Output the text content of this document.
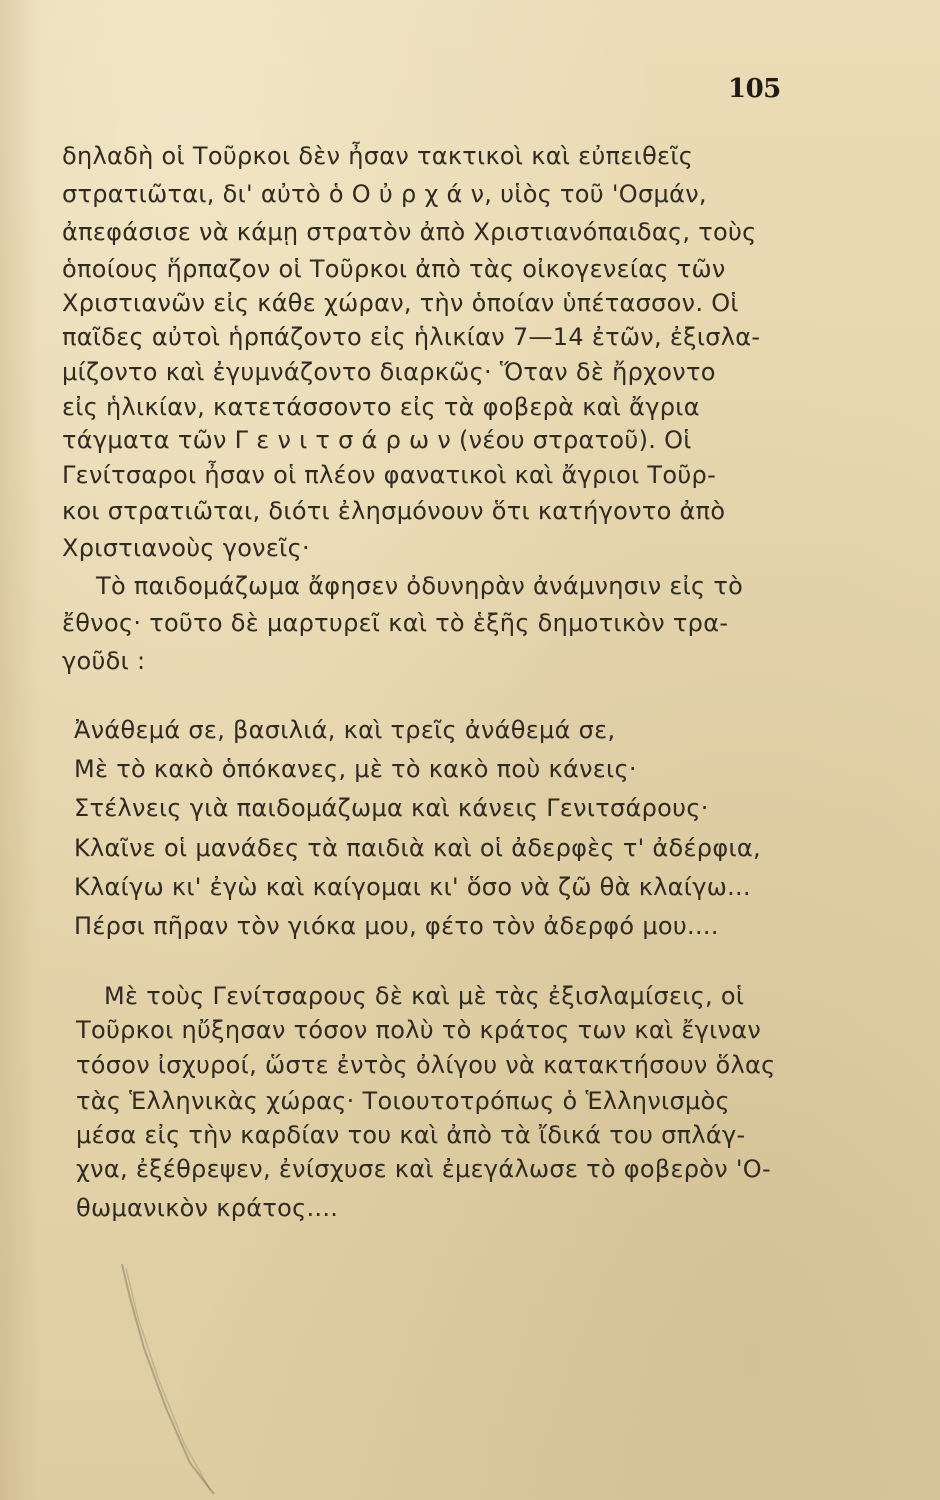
105
δηλαδὴ οἱ Τοῦρκοι δὲν ἦσαν τακτικοὶ καὶ εὐπειθεῖς
στρατιῶται, δι' αὐτὸ ὁ Ο ὐ ρ χ ά ν, υἱὸς τοῦ 'Οσμάν,
ἀπεφάσισε νὰ κάμῃ στρατὸν ἀπὸ Χριστιανόπαιδας, τοὺς
ὁποίους ἥρπαζον οἱ Τοῦρκοι ἀπὸ τὰς οἰκογενείας τῶν
Χριστιανῶν εἰς κάθε χώραν, τὴν ὁποίαν ὑπέτασσον. Οἱ
παῖδες αὐτοὶ ἡρπάζοντο εἰς ἡλικίαν 7—14 ἐτῶν, ἐξισλα-
μίζοντο καὶ ἐγυμνάζοντο διαρκῶς· Ὅταν δὲ ἤρχοντο
εἰς ἡλικίαν, κατετάσσοντο εἰς τὰ φοβερὰ καὶ ἄγρια
τάγματα τῶν Γ ε ν ι τ σ ά ρ ω ν (νέου στρατοῦ). Οἱ
Γενίτσαροι ἦσαν οἱ πλέον φανατικοὶ καὶ ἄγριοι Τοῦρ-
κοι στρατιῶται, διότι ἐλησμόνουν ὅτι κατήγοντο ἀπὸ
Χριστιανοὺς γονεῖς·
Τὸ παιδομάζωμα ἄφησεν ὀδυνηρὰν ἀνάμνησιν εἰς τὸ
ἔθνος· τοῦτο δὲ μαρτυρεῖ καὶ τὸ ἑξῆς δημοτικὸν τρα-
γοῦδι :
Ἀνάθεμά σε, βασιλιά, καὶ τρεῖς ἀνάθεμά σε,
Μὲ τὸ κακὸ ὁπόκανες, μὲ τὸ κακὸ ποὺ κάνεις·
Στέλνεις γιὰ παιδομάζωμα καὶ κάνεις Γενιτσάρους·
Κλαῖνε οἱ μανάδες τὰ παιδιὰ καὶ οἱ ἀδερφὲς τ' ἀδέρφια,
Κλαίγω κι' ἐγὼ καὶ καίγομαι κι' ὅσο νὰ ζῶ θὰ κλαίγω...
Πέρσι πῆραν τὸν γιόκα μου, φέτο τὸν ἀδερφό μου....
Μὲ τοὺς Γενίτσαρους δὲ καὶ μὲ τὰς ἐξισλαμίσεις, οἱ
Τοῦρκοι ηὔξησαν τόσον πολὺ τὸ κράτος των καὶ ἔγιναν
τόσον ἰσχυροί, ὥστε ἐντὸς ὀλίγου νὰ κατακτήσουν ὅλας
τὰς Ἑλληνικὰς χώρας· Τοιουτοτρόπως ὁ Ἑλληνισμὸς
μέσα εἰς τὴν καρδίαν του καὶ ἀπὸ τὰ ἴδικά του σπλάγ-
χνα, ἐξέθρεψεν, ἐνίσχυσε καὶ ἐμεγάλωσε τὸ φοβερὸν 'Ο-
θωμανικὸν κράτος....
